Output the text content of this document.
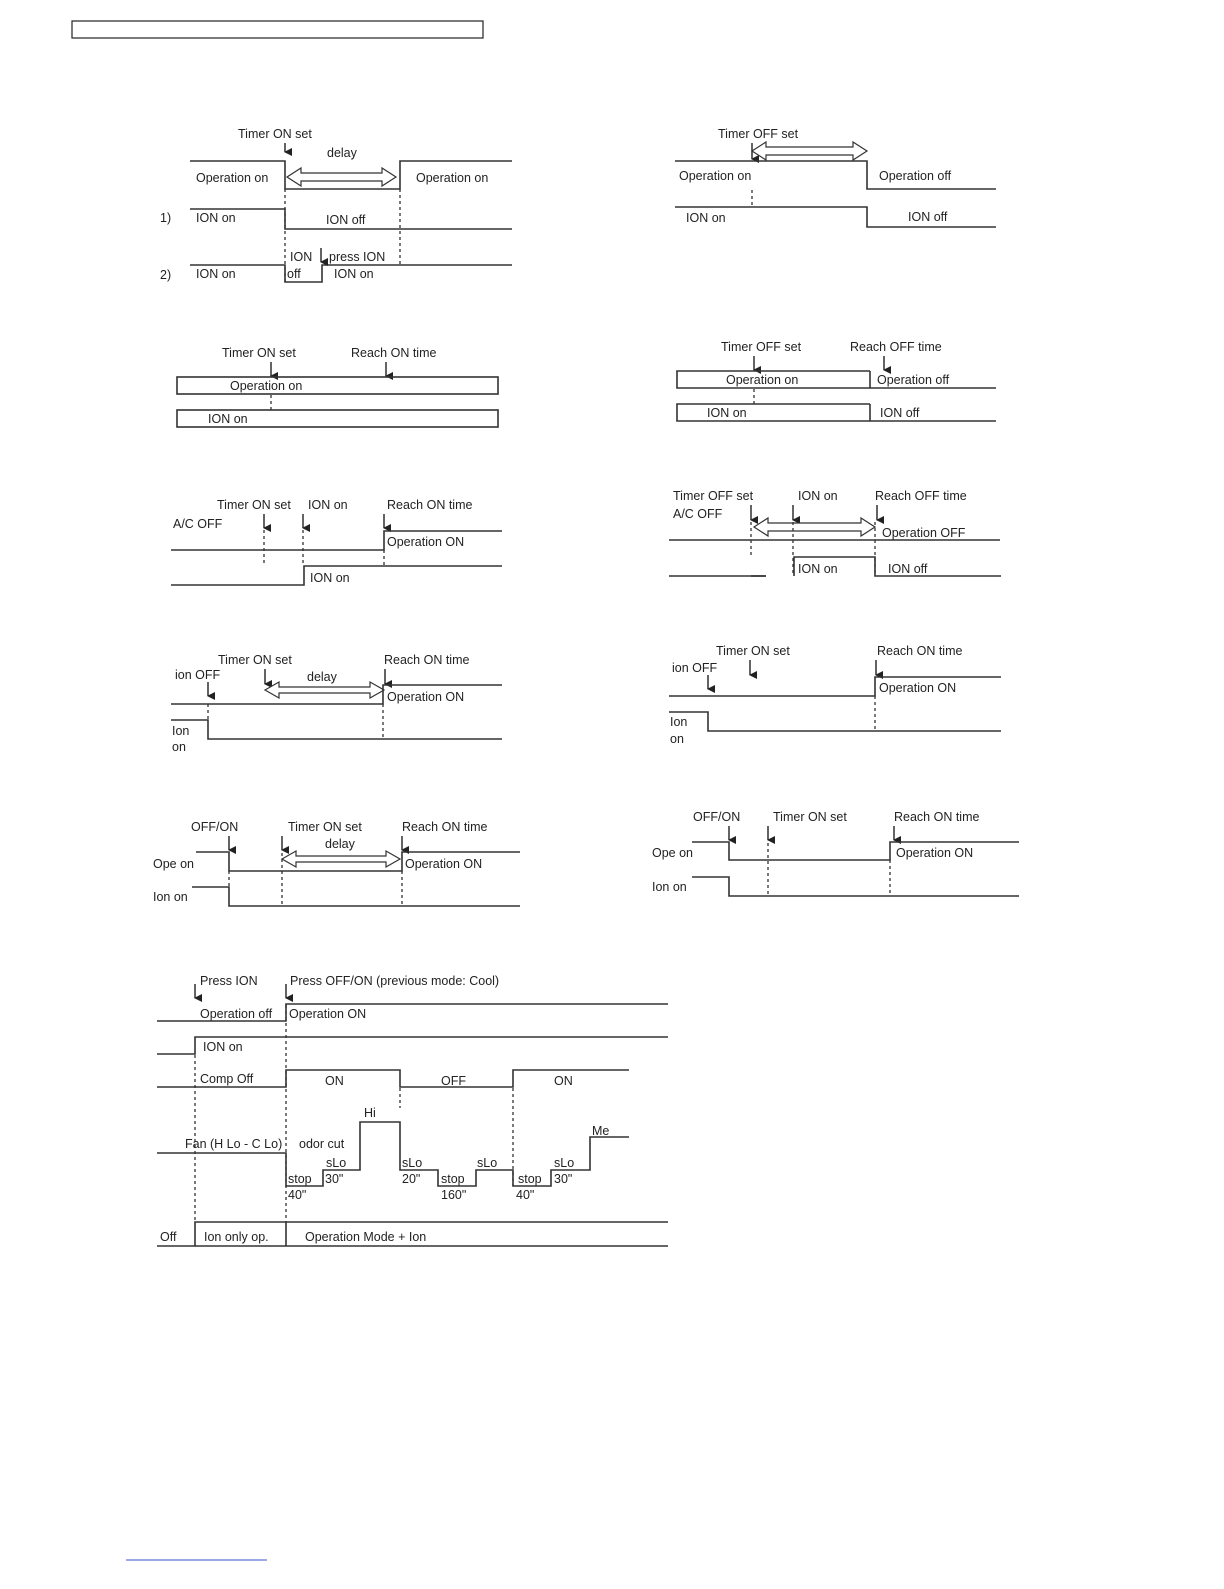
Timer ON set
delay
Operation on	Operation on
1) ION on	ION off
ION
off
press ION
2) ION on	ION on
Timer OFF set
Operation on	Operation off
ION on	ION off
Timer ON set	Reach ON time
Operation on
ION on
Timer OFF set	Reach OFF time
Operation on	Operation off
ION on	ION off
Timer ON set ION on	Reach ON time
A/C OFF
Operation ON
ION on
Timer OFF set	ION on	Reach OFF time
A/C OFF
Operation OFF
ION on	ION off
Timer ON set	Reach ON time
ion OFF	delay
Operation ON
Ion
on
Timer ON set	Reach ON time
ion OFF
Operation ON
Ion
on
OFF/ON	Timer ON set	Reach ON time
delay
Ope on	Operation ON
Ion on
OFF/ON	Timer ON set	Reach ON time
Ope on	Operation ON
Ion on
Press ION	Press OFF/ON (previous mode: Cool)
Operation off Operation ON
ION on
Comp Off	ON	OFF	ON
Hi
Me
Fan (H Lo - C Lo) odor cut
sLo	sLo	sLo	sLo
stop 30"	20" stop	stop 30"
40"	160"	40"
Off Ion only op.	Operation Mode + Ion
